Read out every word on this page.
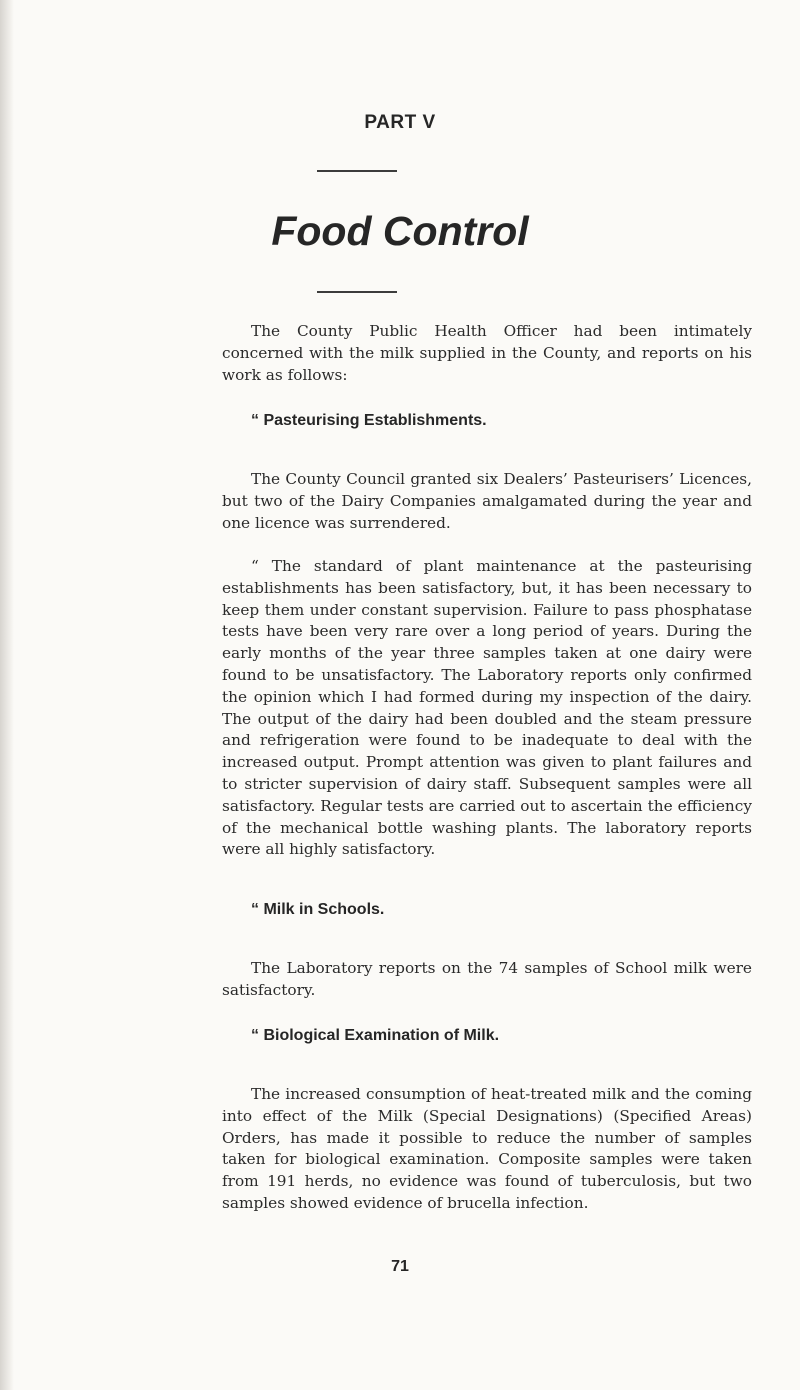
PART V
Food Control

The County Public Health Officer had been intimately concerned with the milk supplied in the County, and reports on his work as follows:

“ Pasteurising Establishments.

The County Council granted six Dealers’ Pasteurisers’ Licences, but two of the Dairy Companies amalgamated during the year and one licence was surrendered.

“ The standard of plant maintenance at the pasteurising establishments has been satisfactory, but, it has been necessary to keep them under constant supervision. Failure to pass phosphatase tests have been very rare over a long period of years. During the early months of the year three samples taken at one dairy were found to be unsatisfactory. The Laboratory reports only confirmed the opinion which I had formed during my inspection of the dairy. The output of the dairy had been doubled and the steam pressure and refrigeration were found to be inadequate to deal with the increased output. Prompt attention was given to plant failures and to stricter supervision of dairy staff. Subsequent samples were all satisfactory. Regular tests are carried out to ascertain the efficiency of the mechanical bottle washing plants. The laboratory reports were all highly satisfactory.

“ Milk in Schools.

The Laboratory reports on the 74 samples of School milk were satisfactory.

“ Biological Examination of Milk.

The increased consumption of heat-treated milk and the coming into effect of the Milk (Special Designations) (Specified Areas) Orders, has made it possible to reduce the number of samples taken for biological examination. Composite samples were taken from 191 herds, no evidence was found of tuberculosis, but two samples showed evidence of brucella infection.

71
